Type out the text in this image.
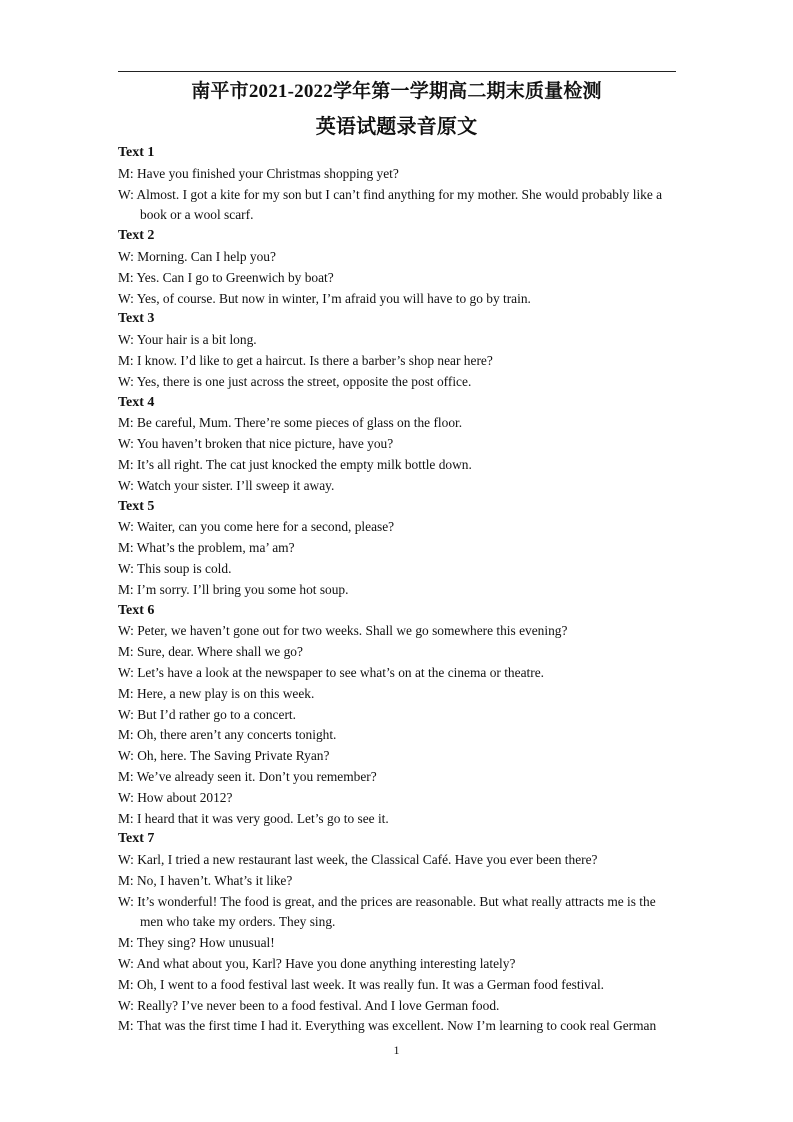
南平市2021-2022学年第一学期高二期末质量检测
英语试题录音原文
Text 1
M: Have you finished your Christmas shopping yet?
W: Almost. I got a kite for my son but I can’t find anything for my mother. She would probably like a book or a wool scarf.
Text 2
W: Morning. Can I help you?
M: Yes. Can I go to Greenwich by boat?
W: Yes, of course. But now in winter, I’m afraid you will have to go by train.
Text 3
W: Your hair is a bit long.
M: I know. I’d like to get a haircut. Is there a barber’s shop near here?
W: Yes, there is one just across the street, opposite the post office.
Text 4
M: Be careful, Mum. There’re some pieces of glass on the floor.
W: You haven’t broken that nice picture, have you?
M: It’s all right. The cat just knocked the empty milk bottle down.
W: Watch your sister. I’ll sweep it away.
Text 5
W: Waiter, can you come here for a second, please?
M: What’s the problem, ma’ am?
W: This soup is cold.
M: I’m sorry. I’ll bring you some hot soup.
Text 6
W: Peter, we haven’t gone out for two weeks. Shall we go somewhere this evening?
M: Sure, dear. Where shall we go?
W: Let’s have a look at the newspaper to see what’s on at the cinema or theatre.
M: Here, a new play is on this week.
W: But I’d rather go to a concert.
M: Oh, there aren’t any concerts tonight.
W: Oh, here. The Saving Private Ryan?
M: We’ve already seen it. Don’t you remember?
W: How about 2012?
M: I heard that it was very good. Let’s go to see it.
Text 7
W: Karl, I tried a new restaurant last week, the Classical Café. Have you ever been there?
M: No, I haven’t. What’s it like?
W: It’s wonderful! The food is great, and the prices are reasonable. But what really attracts me is the men who take my orders. They sing.
M: They sing? How unusual!
W: And what about you, Karl? Have you done anything interesting lately?
M: Oh, I went to a food festival last week. It was really fun. It was a German food festival.
W: Really? I’ve never been to a food festival. And I love German food.
M: That was the first time I had it. Everything was excellent. Now I’m learning to cook real German
1
